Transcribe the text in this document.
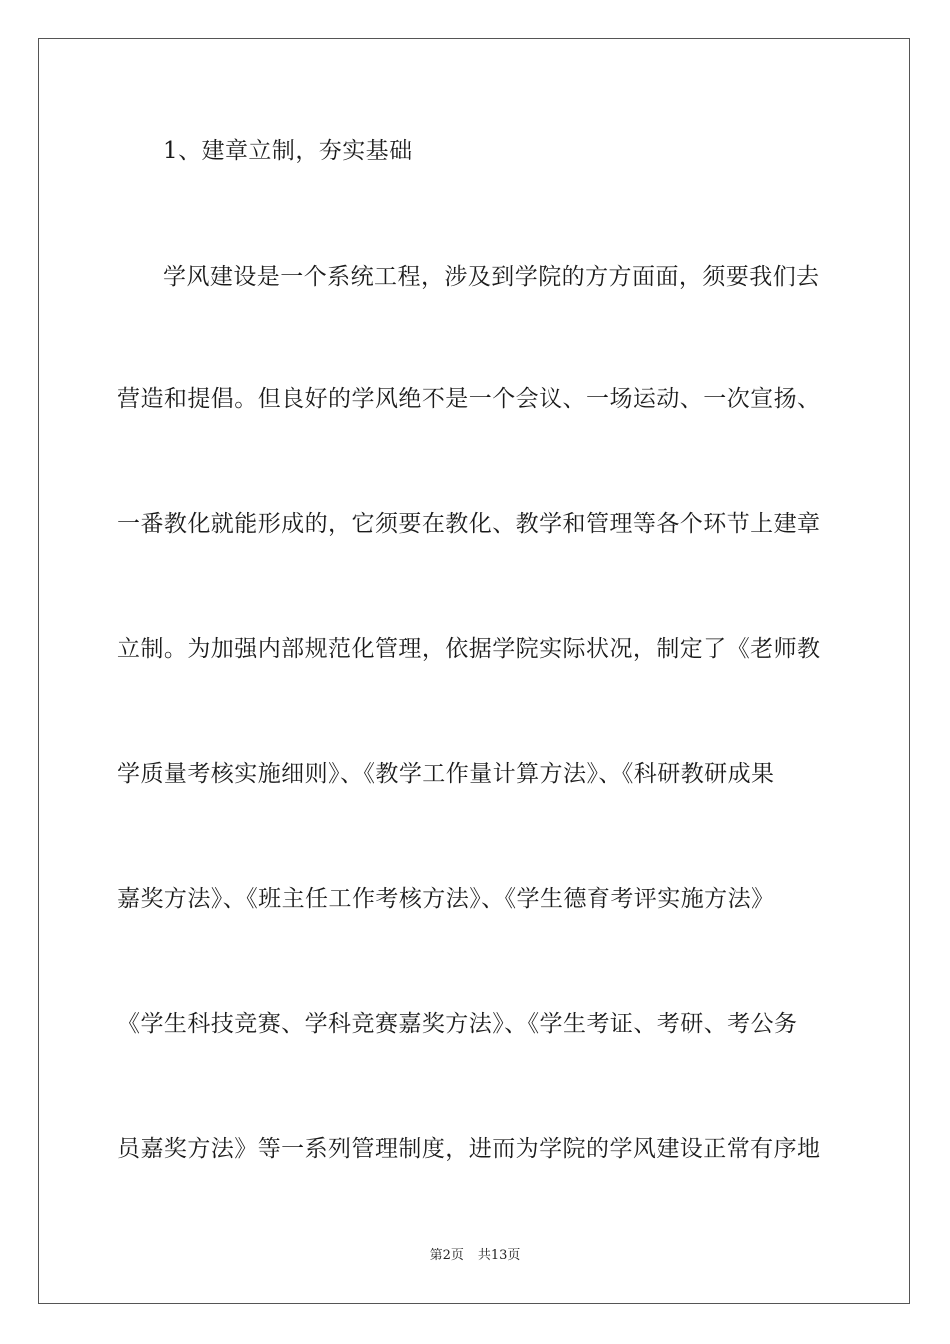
1、建章立制，夯实基础
学风建设是一个系统工程，涉及到学院的方方面面，须要我们去
营造和提倡。但良好的学风绝不是一个会议、一场运动、一次宣扬、
一番教化就能形成的，它须要在教化、教学和管理等各个环节上建章
立制。为加强内部规范化管理，依据学院实际状况，制定了《老师教
学质量考核实施细则》、《教学工作量计算方法》、《科研教研成果
嘉奖方法》、《班主任工作考核方法》、《学生德育考评实施方法》
《学生科技竞赛、学科竞赛嘉奖方法》、《学生考证、考研、考公务
员嘉奖方法》等一系列管理制度，进而为学院的学风建设正常有序地
第2页 共13页
